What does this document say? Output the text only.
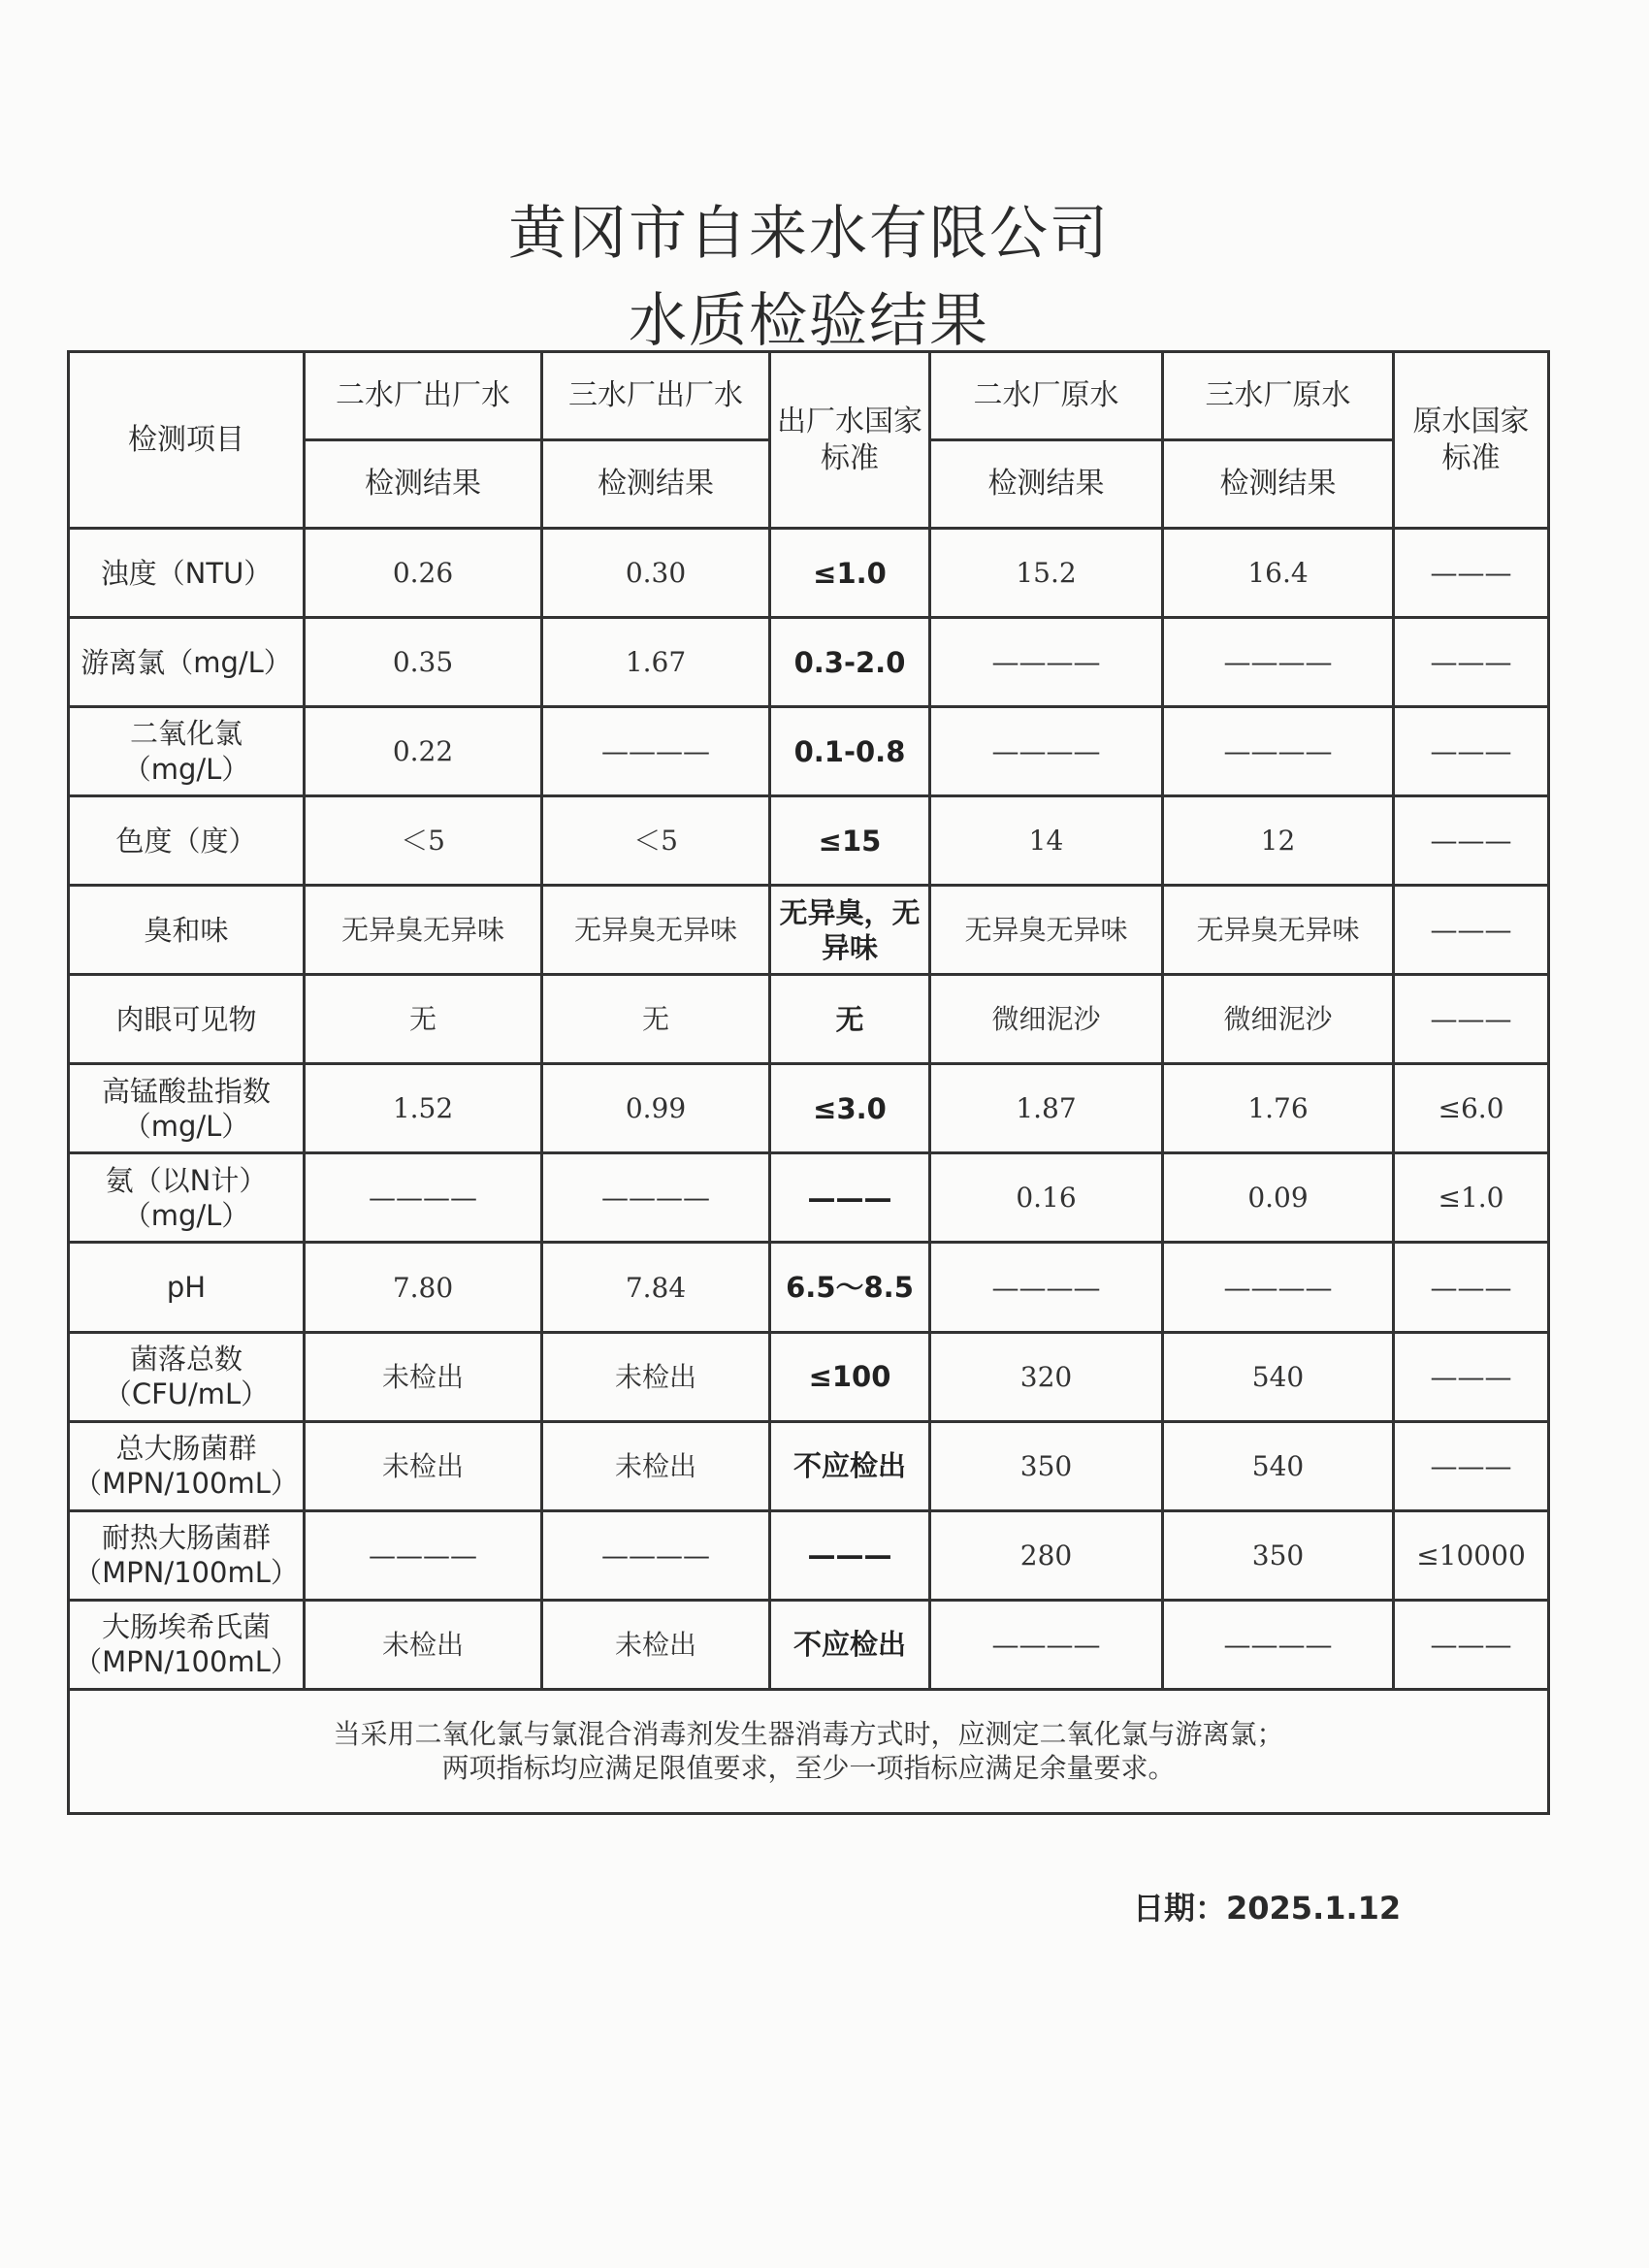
黄冈市自来水有限公司
水质检验结果
检测项目	二水厂出厂水	三水厂出厂水	出厂水国家标准	二水厂原水	三水厂原水	原水国家标准
	检测结果	检测结果		检测结果	检测结果	
浊度（NTU）	0.26	0.30	≤1.0	15.2	16.4	———
游离氯（mg/L）	0.35	1.67	0.3-2.0	————	————	———
二氧化氯（mg/L）	0.22	————	0.1-0.8	————	————	———
色度（度）	＜5	＜5	≤15	14	12	———
臭和味	无异臭无异味	无异臭无异味	无异臭，无异味	无异臭无异味	无异臭无异味	———
肉眼可见物	无	无	无	微细泥沙	微细泥沙	———
高锰酸盐指数（mg/L）	1.52	0.99	≤3.0	1.87	1.76	≤6.0
氨（以N计）（mg/L）	————	————	———	0.16	0.09	≤1.0
pH	7.80	7.84	6.5～8.5	————	————	———
菌落总数（CFU/mL）	未检出	未检出	≤100	320	540	———
总大肠菌群（MPN/100mL）	未检出	未检出	不应检出	350	540	———
耐热大肠菌群（MPN/100mL）	————	————	———	280	350	≤10000
大肠埃希氏菌（MPN/100mL）	未检出	未检出	不应检出	————	————	———

当采用二氧化氯与氯混合消毒剂发生器消毒方式时，应测定二氧化氯与游离氯；
两项指标均应满足限值要求，至少一项指标应满足余量要求。						
日期：2025.1.12
